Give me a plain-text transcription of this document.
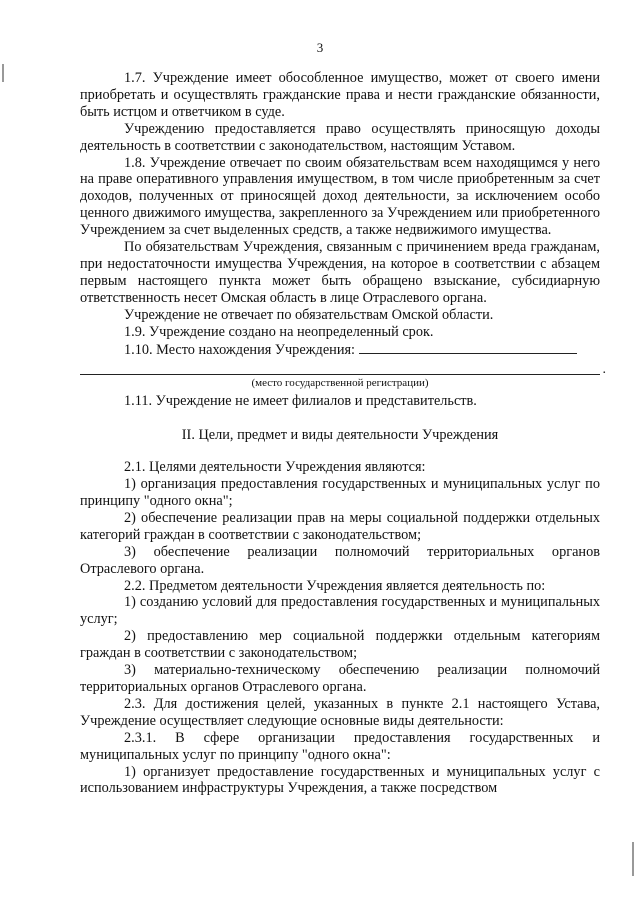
3

1.7. Учреждение имеет обособленное имущество, может от своего имени приобретать и осуществлять гражданские права и нести гражданские обязанности, быть истцом и ответчиком в суде.

Учреждению предоставляется право осуществлять приносящую доходы деятельность в соответствии с законодательством, настоящим Уставом.

1.8. Учреждение отвечает по своим обязательствам всем находящимся у него на праве оперативного управления имуществом, в том числе приобретенным за счет доходов, полученных от приносящей доход деятельности, за исключением особо ценного движимого имущества, закрепленного за Учреждением или приобретенного Учреждением за счет выделенных средств, а также недвижимого имущества.

По обязательствам Учреждения, связанным с причинением вреда гражданам, при недостаточности имущества Учреждения, на которое в соответствии с абзацем первым настоящего пункта может быть обращено взыскание, субсидиарную ответственность несет Омская область в лице Отраслевого органа.

Учреждение не отвечает по обязательствам Омской области.

1.9. Учреждение создано на неопределенный срок.

1.10. Место нахождения Учреждения:

.
(место государственной регистрации)

1.11. Учреждение не имеет филиалов и представительств.

II. Цели, предмет и виды деятельности Учреждения

2.1. Целями деятельности Учреждения являются:

1) организация предоставления государственных и муниципальных услуг по принципу "одного окна";

2) обеспечение реализации прав на меры социальной поддержки отдельных категорий граждан в соответствии с законодательством;

3) обеспечение реализации полномочий территориальных органов Отраслевого органа.

2.2. Предметом деятельности Учреждения является деятельность по:

1) созданию условий для предоставления государственных и муниципальных услуг;

2) предоставлению мер социальной поддержки отдельным категориям граждан в соответствии с законодательством;

3) материально-техническому обеспечению реализации полномочий территориальных органов Отраслевого органа.

2.3. Для достижения целей, указанных в пункте 2.1 настоящего Устава, Учреждение осуществляет следующие основные виды деятельности:

2.3.1. В сфере организации предоставления государственных и муниципальных услуг по принципу "одного окна":

1) организует предоставление государственных и муниципальных услуг с использованием инфраструктуры Учреждения, а также посредством
